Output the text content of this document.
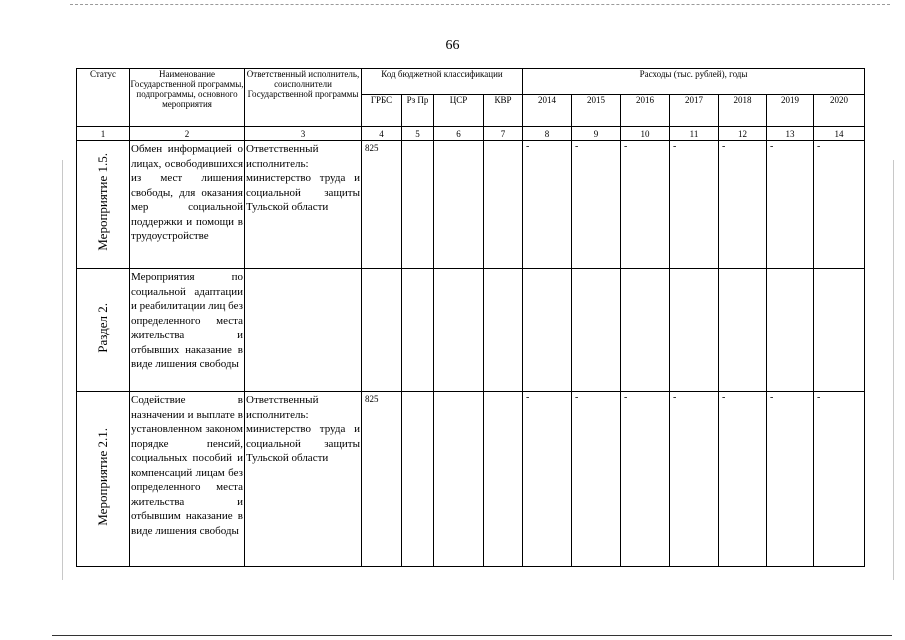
66
Статус	Наименование Государственной программы, подпрограммы, основного мероприятия	Ответственный исполнитель, соисполнители Государственной программы	Код бюджетной классификации				Расходы (тыс. рублей), годы						
			ГРБС	Рз Пр	ЦСР	КВР	2014	2015	2016	2017	2018	2019	2020
1	2	3	4	5	6	7	8	9	10	11	12	13	14
Мероприятие 1.5.	Обмен информацией о лицах, освободившихся из мест лишения свободы, для оказания мер социальной поддержки и помощи в трудоустройстве	Ответственный исполнитель: министерство труда и социальной защиты Тульской области	825				-	-	-	-	-	-	-
Раздел 2.	Мероприятия по социальной адаптации и реабилитации лиц без определенного места жительства и отбывших наказание в виде лишения свободы												

Мероприятие 2.1.	Содействие в назначении и выплате в установленном законом порядке пенсий, социальных пособий и компенсаций лицам без определенного места жительства и отбывшим наказание в виде лишения свободы	Ответственный исполнитель: министерство труда и социальной защиты Тульской области	825				-	-	-	-	-	-	-
